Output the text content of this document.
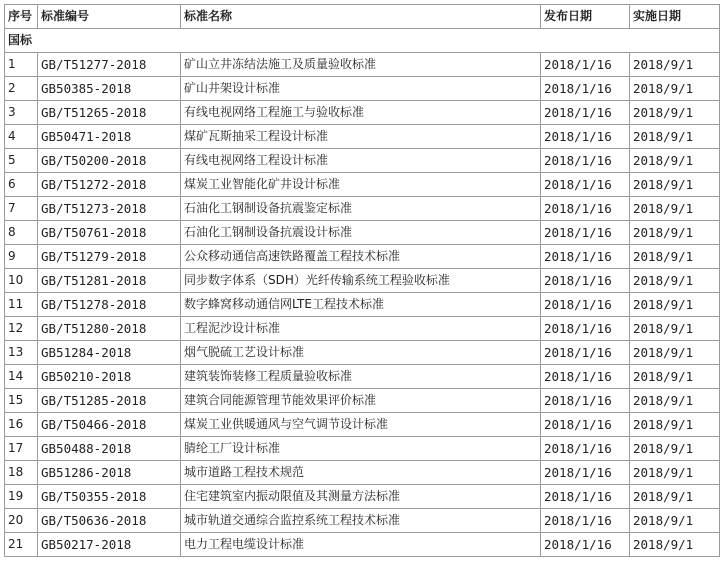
序号	标准编号	标准名称	发布日期	实施日期
国标				
1	GB/T51277-2018	矿山立井冻结法施工及质量验收标准	2018/1/16	2018/9/1
2	GB50385-2018	矿山井架设计标准	2018/1/16	2018/9/1
3	GB/T51265-2018	有线电视网络工程施工与验收标准	2018/1/16	2018/9/1
4	GB50471-2018	煤矿瓦斯抽采工程设计标准	2018/1/16	2018/9/1
5	GB/T50200-2018	有线电视网络工程设计标准	2018/1/16	2018/9/1
6	GB/T51272-2018	煤炭工业智能化矿井设计标准	2018/1/16	2018/9/1
7	GB/T51273-2018	石油化工钢制设备抗震鉴定标准	2018/1/16	2018/9/1
8	GB/T50761-2018	石油化工钢制设备抗震设计标准	2018/1/16	2018/9/1
9	GB/T51279-2018	公众移动通信高速铁路覆盖工程技术标准	2018/1/16	2018/9/1
10	GB/T51281-2018	同步数字体系（SDH）光纤传输系统工程验收标准	2018/1/16	2018/9/1
11	GB/T51278-2018	数字蜂窝移动通信网LTE工程技术标准	2018/1/16	2018/9/1
12	GB/T51280-2018	工程泥沙设计标准	2018/1/16	2018/9/1
13	GB51284-2018	烟气脱硫工艺设计标准	2018/1/16	2018/9/1
14	GB50210-2018	建筑装饰装修工程质量验收标准	2018/1/16	2018/9/1
15	GB/T51285-2018	建筑合同能源管理节能效果评价标准	2018/1/16	2018/9/1
16	GB/T50466-2018	煤炭工业供暖通风与空气调节设计标准	2018/1/16	2018/9/1
17	GB50488-2018	腈纶工厂设计标准	2018/1/16	2018/9/1
18	GB51286-2018	城市道路工程技术规范	2018/1/16	2018/9/1
19	GB/T50355-2018	住宅建筑室内振动限值及其测量方法标准	2018/1/16	2018/9/1
20	GB/T50636-2018	城市轨道交通综合监控系统工程技术标准	2018/1/16	2018/9/1
21	GB50217-2018	电力工程电缆设计标准	2018/1/16	2018/9/1
